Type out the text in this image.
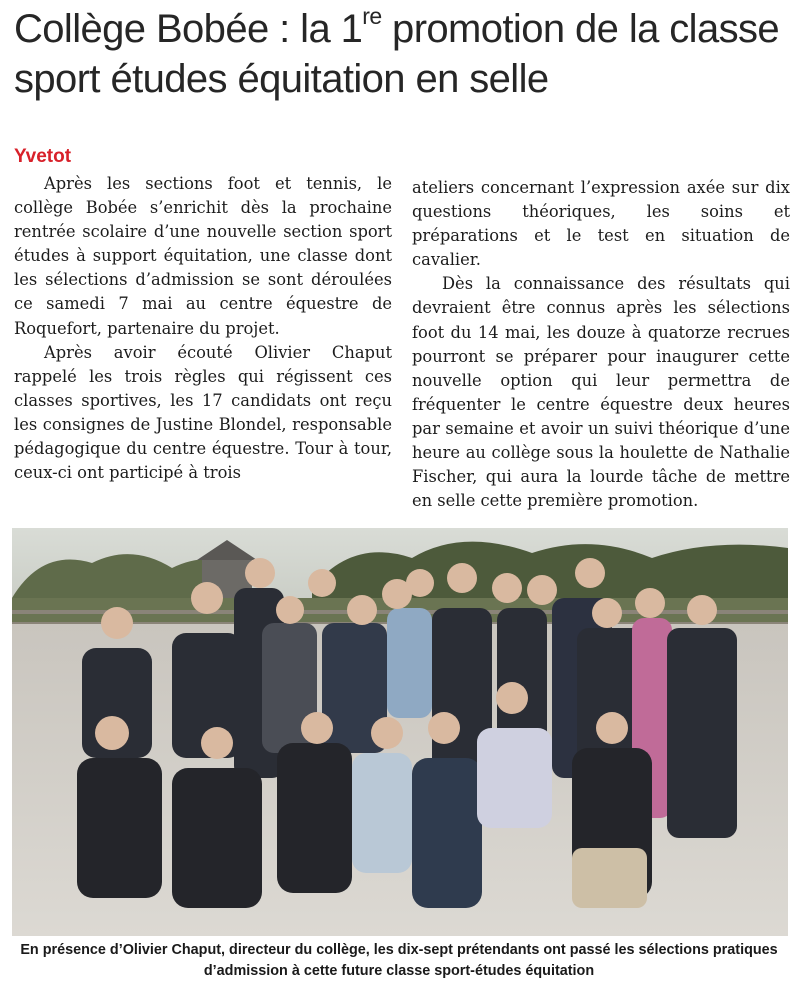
Collège Bobée : la 1re promotion de la classe sport études équitation en selle
Yvetot

Après les sections foot et tennis, le collège Bobée s’enrichit dès la prochaine rentrée scolaire d’une nouvelle section sport études à support équitation, une classe dont les sélections d’admission se sont déroulées ce samedi 7 mai au centre équestre de Roquefort, partenaire du projet.

Après avoir écouté Olivier Chaput rappelé les trois règles qui régissent ces classes sportives, les 17 candidats ont reçu les consignes de Justine Blondel, responsable pédagogique du centre équestre. Tour à tour, ceux-ci ont participé à trois

ateliers concernant l’expression axée sur dix questions théoriques, les soins et préparations et le test en situation de cavalier.

Dès la connaissance des résultats qui devraient être connus après les sélections foot du 14 mai, les douze à quatorze recrues pourront se préparer pour inaugurer cette nouvelle option qui leur permettra de fréquenter le centre équestre deux heures par semaine et avoir un suivi théorique d’une heure au collège sous la houlette de Nathalie Fischer, qui aura la lourde tâche de mettre en selle cette première promotion.

En présence d’Olivier Chaput, directeur du collège, les dix-sept prétendants ont passé les sélections pratiques d’admission à cette future classe sport-études équitation
